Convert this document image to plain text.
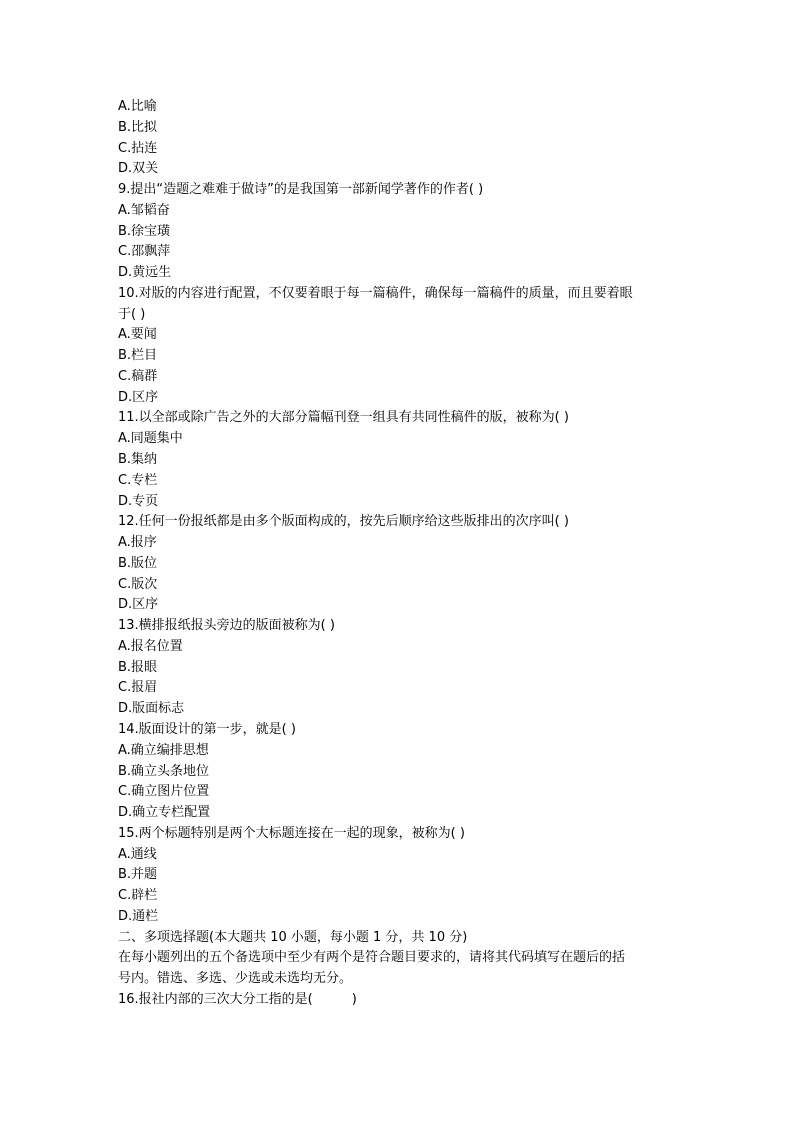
A.比喻
B.比拟
C.拈连
D.双关
9.提出“造题之难难于做诗”的是我国第一部新闻学著作的作者( )
A.邹韬奋
B.徐宝璜
C.邵飘萍
D.黄远生
10.对版的内容进行配置，不仅要着眼于每一篇稿件，确保每一篇稿件的质量，而且要着眼
于( )
A.要闻
B.栏目
C.稿群
D.区序
11.以全部或除广告之外的大部分篇幅刊登一组具有共同性稿件的版，被称为( )
A.同题集中
B.集纳
C.专栏
D.专页
12.任何一份报纸都是由多个版面构成的，按先后顺序给这些版排出的次序叫( )
A.报序
B.版位
C.版次
D.区序
13.横排报纸报头旁边的版面被称为( )
A.报名位置
B.报眼
C.报眉
D.版面标志
14.版面设计的第一步，就是( )
A.确立编排思想
B.确立头条地位
C.确立图片位置
D.确立专栏配置
15.两个标题特别是两个大标题连接在一起的现象，被称为( )
A.通线
B.并题
C.辟栏
D.通栏
二、多项选择题(本大题共 10 小题，每小题 1 分，共 10 分)
在每小题列出的五个备选项中至少有两个是符合题目要求的，请将其代码填写在题后的括
号内。错选、多选、少选或未选均无分。
16.报社内部的三次大分工指的是(　　　)
